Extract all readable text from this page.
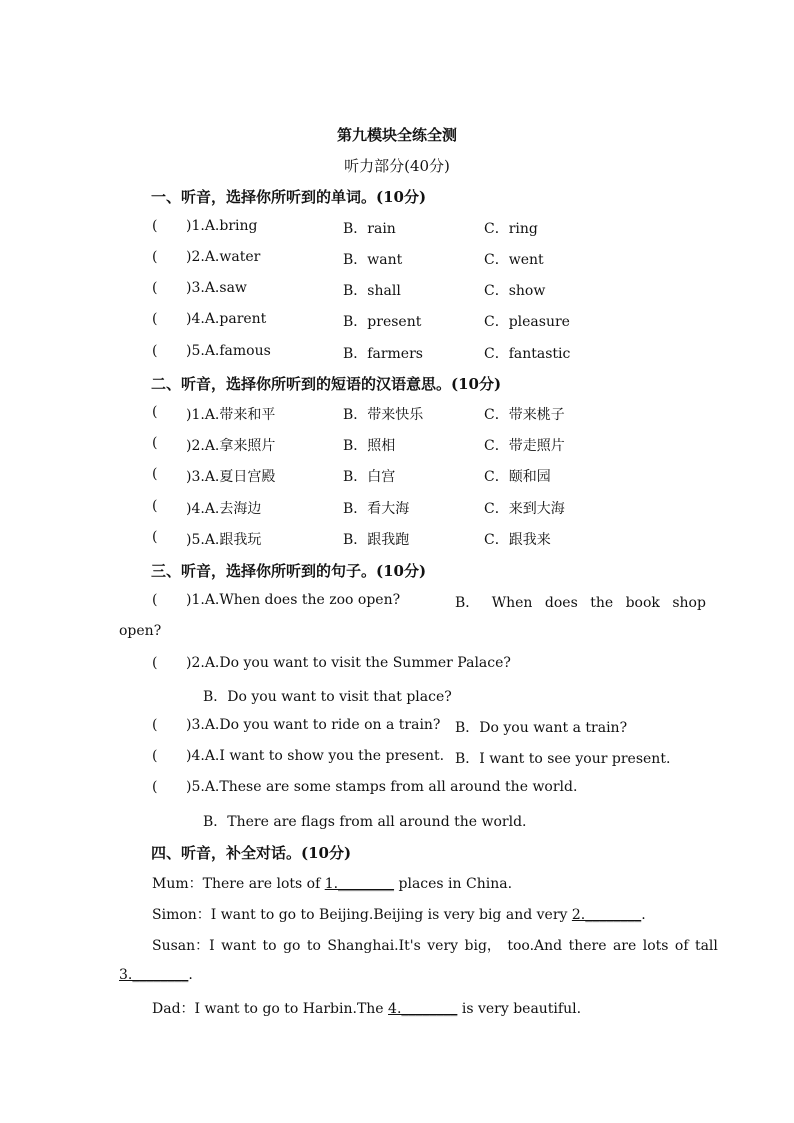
第九模块全练全测
听力部分(40分)
一、听音，选择你所听到的单词。(10分)
( )1.A.bring	B．rain	C．ring
( )2.A.water	B．want	C．went
( )3.A.saw	B．shall	C．show
( )4.A.parent	B．present	C．pleasure
( )5.A.famous	B．farmers	C．fantastic
二、听音，选择你所听到的短语的汉语意思。(10分)
( )1.A.带来和平	B．带来快乐	C．带来桃子
( )2.A.拿来照片	B．照相	C．带走照片
( )3.A.夏日宫殿	B．白宫	C．颐和园
( )4.A.去海边	B．看大海	C．来到大海
( )5.A.跟我玩	B．跟我跑	C．跟我来
三、听音，选择你所听到的句子。(10分)
( )1.A.When does the zoo open?	B． When does the book shop
open?
( )2.A.Do you want to visit the Summer Palace?
B．Do you want to visit that place?
( )3.A.Do you want to ride on a train? B．Do you want a train?
( )4.A.I want to show you the present. B．I want to see your present.
( )5.A.These are some stamps from all around the world.
B．There are flags from all around the world.
四、听音，补全对话。(10分)
Mum：There are lots of 1.________ places in China.
Simon：I want to go to Beijing.Beijing is very big and very 2.________.
Susan：I want to go to Shanghai.It's very big， too.And there are lots of tall
3.________.
Dad：I want to go to Harbin.The 4.________ is very beautiful.
